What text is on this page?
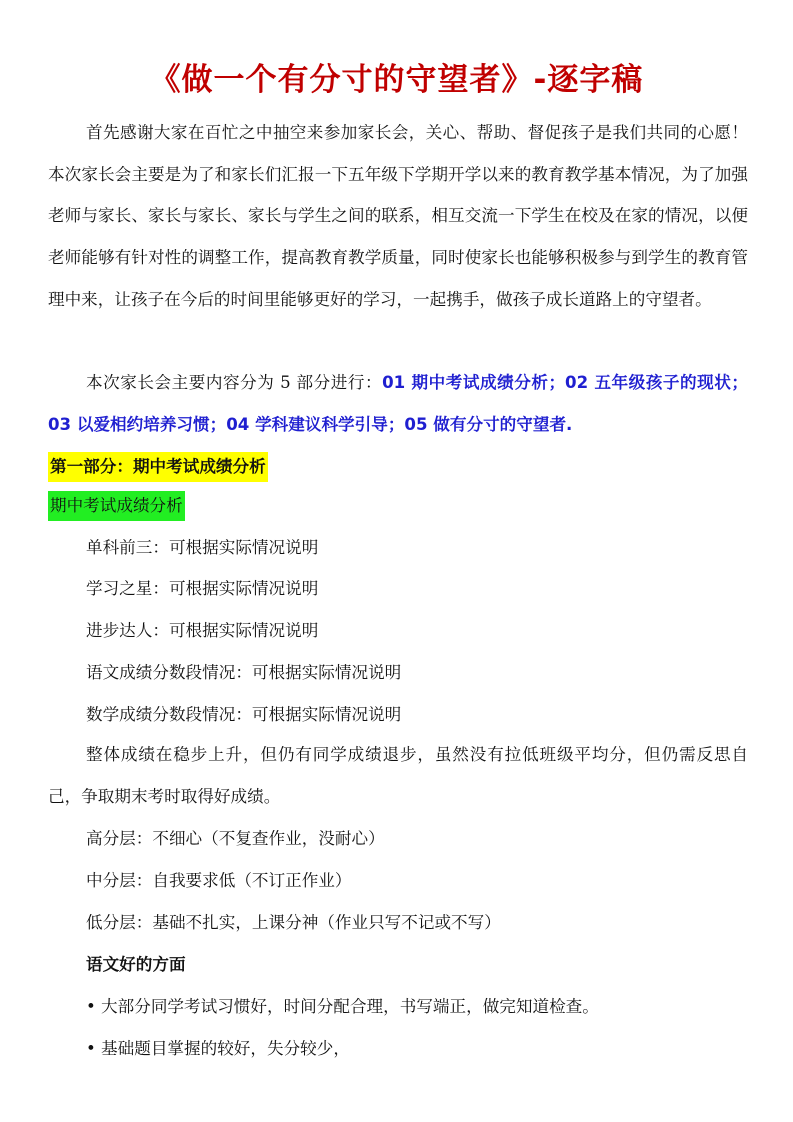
《做一个有分寸的守望者》-逐字稿

首先感谢大家在百忙之中抽空来参加家长会，关心、帮助、督促孩子是我们共同的心愿！本次家长会主要是为了和家长们汇报一下五年级下学期开学以来的教育教学基本情况，为了加强老师与家长、家长与家长、家长与学生之间的联系，相互交流一下学生在校及在家的情况，以便老师能够有针对性的调整工作，提高教育教学质量，同时使家长也能够积极参与到学生的教育管理中来，让孩子在今后的时间里能够更好的学习，一起携手，做孩子成长道路上的守望者。

本次家长会主要内容分为 5 部分进行：01 期中考试成绩分析；02 五年级孩子的现状；03 以爱相约培养习惯；04 学科建议科学引导；05 做有分寸的守望者.

第一部分：期中考试成绩分析
期中考试成绩分析

单科前三：可根据实际情况说明

学习之星：可根据实际情况说明

进步达人：可根据实际情况说明

语文成绩分数段情况：可根据实际情况说明

数学成绩分数段情况：可根据实际情况说明

整体成绩在稳步上升，但仍有同学成绩退步，虽然没有拉低班级平均分，但仍需反思自己，争取期末考时取得好成绩。

高分层：不细心（不复查作业，没耐心）

中分层：自我要求低（不订正作业）

低分层：基础不扎实，上课分神（作业只写不记或不写）

语文好的方面

• 大部分同学考试习惯好，时间分配合理，书写端正，做完知道检查。

• 基础题目掌握的较好，失分较少，
